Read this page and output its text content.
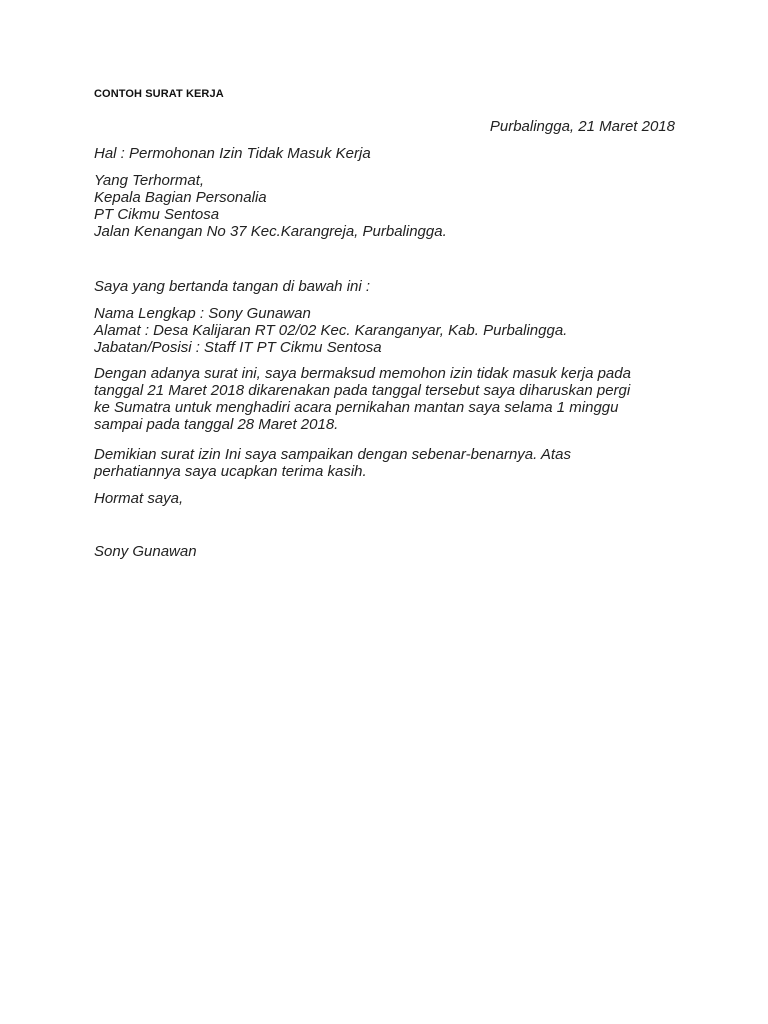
CONTOH SURAT KERJA
Purbalingga, 21 Maret 2018
Hal : Permohonan Izin Tidak Masuk Kerja
Yang Terhormat,
Kepala Bagian Personalia
PT Cikmu Sentosa
Jalan Kenangan No 37 Kec.Karangreja, Purbalingga.
Saya yang bertanda tangan di bawah ini :
Nama Lengkap : Sony Gunawan
Alamat : Desa Kalijaran RT 02/02 Kec. Karanganyar, Kab. Purbalingga.
Jabatan/Posisi : Staff IT PT Cikmu Sentosa
Dengan adanya surat ini, saya bermaksud memohon izin tidak masuk kerja pada
tanggal 21 Maret 2018 dikarenakan pada tanggal tersebut saya diharuskan pergi
ke Sumatra untuk menghadiri acara pernikahan mantan saya selama 1 minggu
sampai pada tanggal 28 Maret 2018.
Demikian surat izin Ini saya sampaikan dengan sebenar-benarnya. Atas
perhatiannya saya ucapkan terima kasih.
Hormat saya,
Sony Gunawan
